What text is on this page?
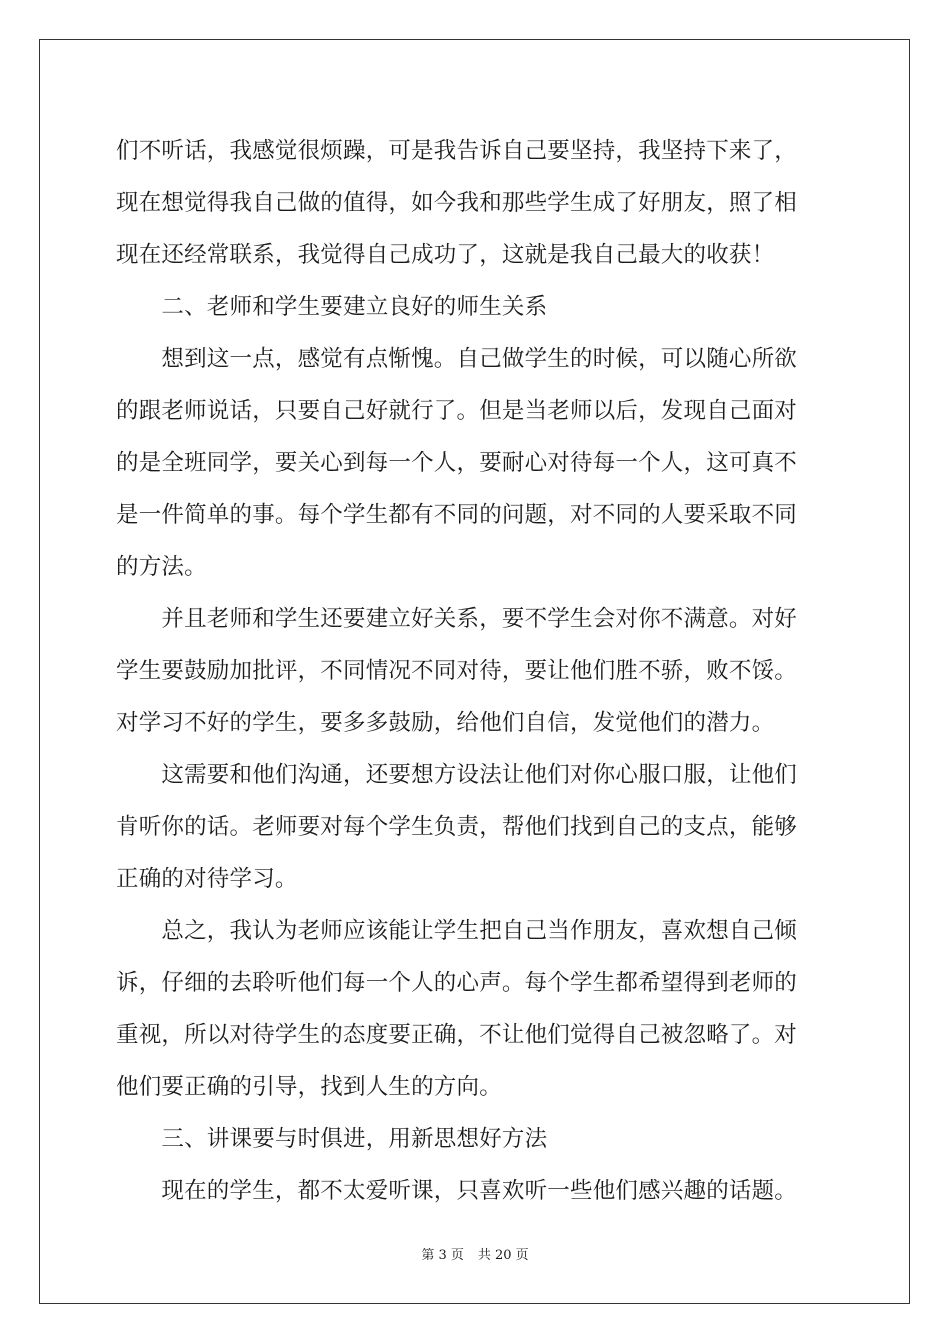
们不听话，我感觉很烦躁，可是我告诉自己要坚持，我坚持下来了，
现在想觉得我自己做的值得，如今我和那些学生成了好朋友，照了相
现在还经常联系，我觉得自己成功了，这就是我自己最大的收获！
　　二、老师和学生要建立良好的师生关系
　　想到这一点，感觉有点惭愧。自己做学生的时候，可以随心所欲
的跟老师说话，只要自己好就行了。但是当老师以后，发现自己面对
的是全班同学，要关心到每一个人，要耐心对待每一个人，这可真不
是一件简单的事。每个学生都有不同的问题，对不同的人要采取不同
的方法。
　　并且老师和学生还要建立好关系，要不学生会对你不满意。对好
学生要鼓励加批评，不同情况不同对待，要让他们胜不骄，败不馁。
对学习不好的学生，要多多鼓励，给他们自信，发觉他们的潜力。
　　这需要和他们沟通，还要想方设法让他们对你心服口服，让他们
肯听你的话。老师要对每个学生负责，帮他们找到自己的支点，能够
正确的对待学习。
　　总之，我认为老师应该能让学生把自己当作朋友，喜欢想自己倾
诉，仔细的去聆听他们每一个人的心声。每个学生都希望得到老师的
重视，所以对待学生的态度要正确，不让他们觉得自己被忽略了。对
他们要正确的引导，找到人生的方向。
　　三、讲课要与时俱进，用新思想好方法
　　现在的学生，都不太爱听课，只喜欢听一些他们感兴趣的话题。
第 3 页 共 20 页
